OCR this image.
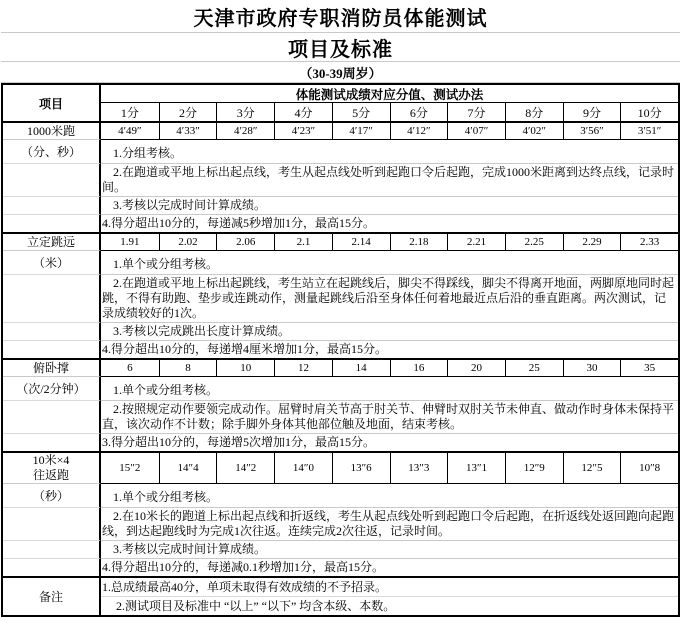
天津市政府专职消防员体能测试
项目及标准
（30-39周岁）
项目
体能测试成绩对应分值、测试办法
1分	2分	3分	4分	5分	6分	7分	8分	9分	10分
1000米跑	4′49″	4′33″	4′28″	4′23″	4′17″	4′12″	4′07″	4′02″	3′56″	3′51″
（分、秒）	1.分组考核。
2.在跑道或平地上标出起点线，考生从起点线处听到起跑口令后起跑，完成1000米距离到达终点线，记录时间。
3.考核以完成时间计算成绩。
4.得分超出10分的，每递减5秒增加1分，最高15分。
立定跳远	1.91	2.02	2.06	2.1	2.14	2.18	2.21	2.25	2.29	2.33
（米）	1.单个或分组考核。
2.在跑道或平地上标出起跳线，考生站立在起跳线后，脚尖不得踩线，脚尖不得离开地面，两脚原地同时起跳，不得有助跑、垫步或连跳动作，测量起跳线后沿至身体任何着地最近点后沿的垂直距离。两次测试，记录成绩较好的1次。
3.考核以完成跳出长度计算成绩。
4.得分超出10分的，每递增4厘米增加1分，最高15分。
俯卧撑	6	8	10	12	14	16	20	25	30	35
（次/2分钟）	1.单个或分组考核。
2.按照规定动作要领完成动作。屈臂时肩关节高于肘关节、伸臂时双肘关节未伸直、做动作时身体未保持平直，该次动作不计数；除手脚外身体其他部位触及地面，结束考核。
3.得分超出10分的，每递增5次增加1分，最高15分。
10米×4
往返跑	15″2	14″4	14″2	14″0	13″6	13″3	13″1	12″9	12″5	10″8
（秒）	1.单个或分组考核。
2.在10米长的跑道上标出起点线和折返线，考生从起点线处听到起跑口令后起跑，在折返线处返回跑向起跑线，到达起跑线时为完成1次往返。连续完成2次往返，记录时间。
3.考核以完成时间计算成绩。
4.得分超出10分的，每递减0.1秒增加1分，最高15分。
备注
1.总成绩最高40分，单项未取得有效成绩的不予招录。
2.测试项目及标准中 “以上” “以下” 均含本级、本数。
